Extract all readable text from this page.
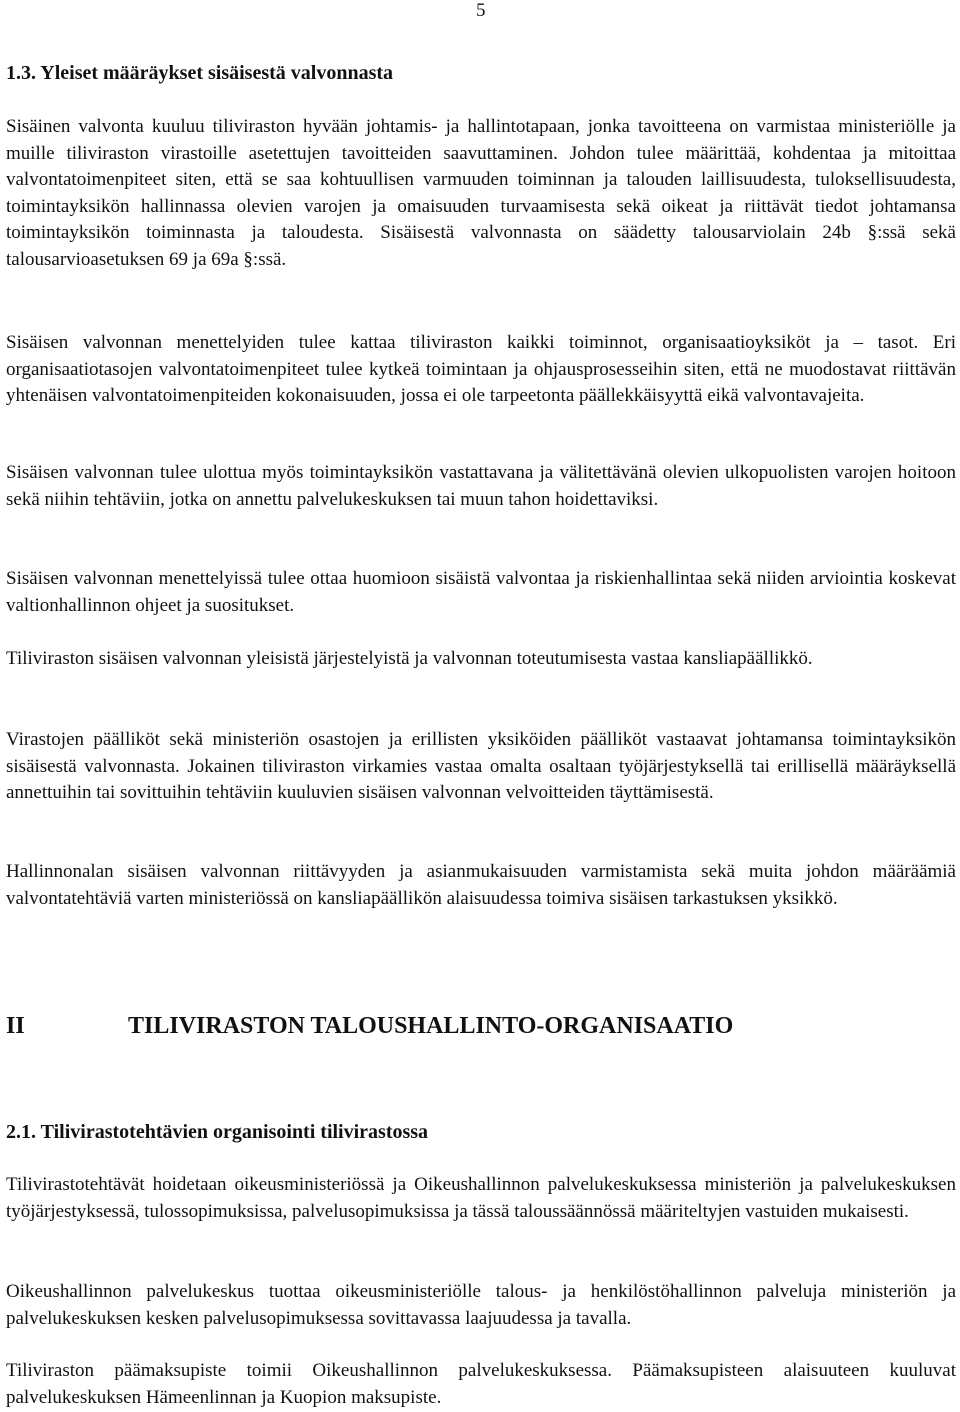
5
1.3. Yleiset määräykset sisäisestä valvonnasta

Sisäinen valvonta kuuluu tiliviraston hyvään johtamis- ja hallintotapaan, jonka tavoitteena on varmistaa ministeriölle ja muille tiliviraston virastoille asetettujen tavoitteiden saavuttaminen. Johdon tulee määrittää, kohdentaa ja mitoittaa valvontatoimenpiteet siten, että se saa kohtuullisen varmuuden toiminnan ja talouden laillisuudesta, tuloksellisuudesta, toimintayksikön hallinnassa olevien varojen ja omaisuuden turvaamisesta sekä oikeat ja riittävät tiedot johtamansa toimintayksikön toiminnasta ja taloudesta. Sisäisestä valvonnasta on säädetty talousarviolain 24b §:ssä sekä talousarvioasetuksen 69 ja 69a §:ssä.

Sisäisen valvonnan menettelyiden tulee kattaa tiliviraston kaikki toiminnot, organisaatioyksiköt ja – tasot. Eri organisaatiotasojen valvontatoimenpiteet tulee kytkeä toimintaan ja ohjausprosesseihin siten, että ne muodostavat riittävän yhtenäisen valvontatoimenpiteiden kokonaisuuden, jossa ei ole tarpeetonta päällekkäisyyttä eikä valvontavajeita.

Sisäisen valvonnan tulee ulottua myös toimintayksikön vastattavana ja välitettävänä olevien ulkopuolisten varojen hoitoon sekä niihin tehtäviin, jotka on annettu palvelukeskuksen tai muun tahon hoidettaviksi.

Sisäisen valvonnan menettelyissä tulee ottaa huomioon sisäistä valvontaa ja riskienhallintaa sekä niiden arviointia koskevat valtionhallinnon ohjeet ja suositukset.

Tiliviraston sisäisen valvonnan yleisistä järjestelyistä ja valvonnan toteutumisesta vastaa kansliapäällikkö.

Virastojen päälliköt sekä ministeriön osastojen ja erillisten yksiköiden päälliköt vastaavat johtamansa toimintayksikön sisäisestä valvonnasta. Jokainen tiliviraston virkamies vastaa omalta osaltaan työjärjestyksellä tai erillisellä määräyksellä annettuihin tai sovittuihin tehtäviin kuuluvien sisäisen valvonnan velvoitteiden täyttämisestä.

Hallinnonalan sisäisen valvonnan riittävyyden ja asianmukaisuuden varmistamista sekä muita johdon määräämiä valvontatehtäviä varten ministeriössä on kansliapäällikön alaisuudessa toimiva sisäisen tarkastuksen yksikkö.

II	TILIVIRASTON TALOUSHALLINTO-ORGANISAATIO
2.1. Tilivirastotehtävien organisointi tilivirastossa

Tilivirastotehtävät hoidetaan oikeusministeriössä ja Oikeushallinnon palvelukeskuksessa ministeriön ja palvelukeskuksen työjärjestyksessä, tulossopimuksissa, palvelusopimuksissa ja tässä taloussäännössä määriteltyjen vastuiden mukaisesti.

Oikeushallinnon palvelukeskus tuottaa oikeusministeriölle talous- ja henkilöstöhallinnon palveluja ministeriön ja palvelukeskuksen kesken palvelusopimuksessa sovittavassa laajuudessa ja tavalla.

Tiliviraston päämaksupiste toimii Oikeushallinnon palvelukeskuksessa. Päämaksupisteen alaisuuteen kuuluvat palvelukeskuksen Hämeenlinnan ja Kuopion maksupiste.
